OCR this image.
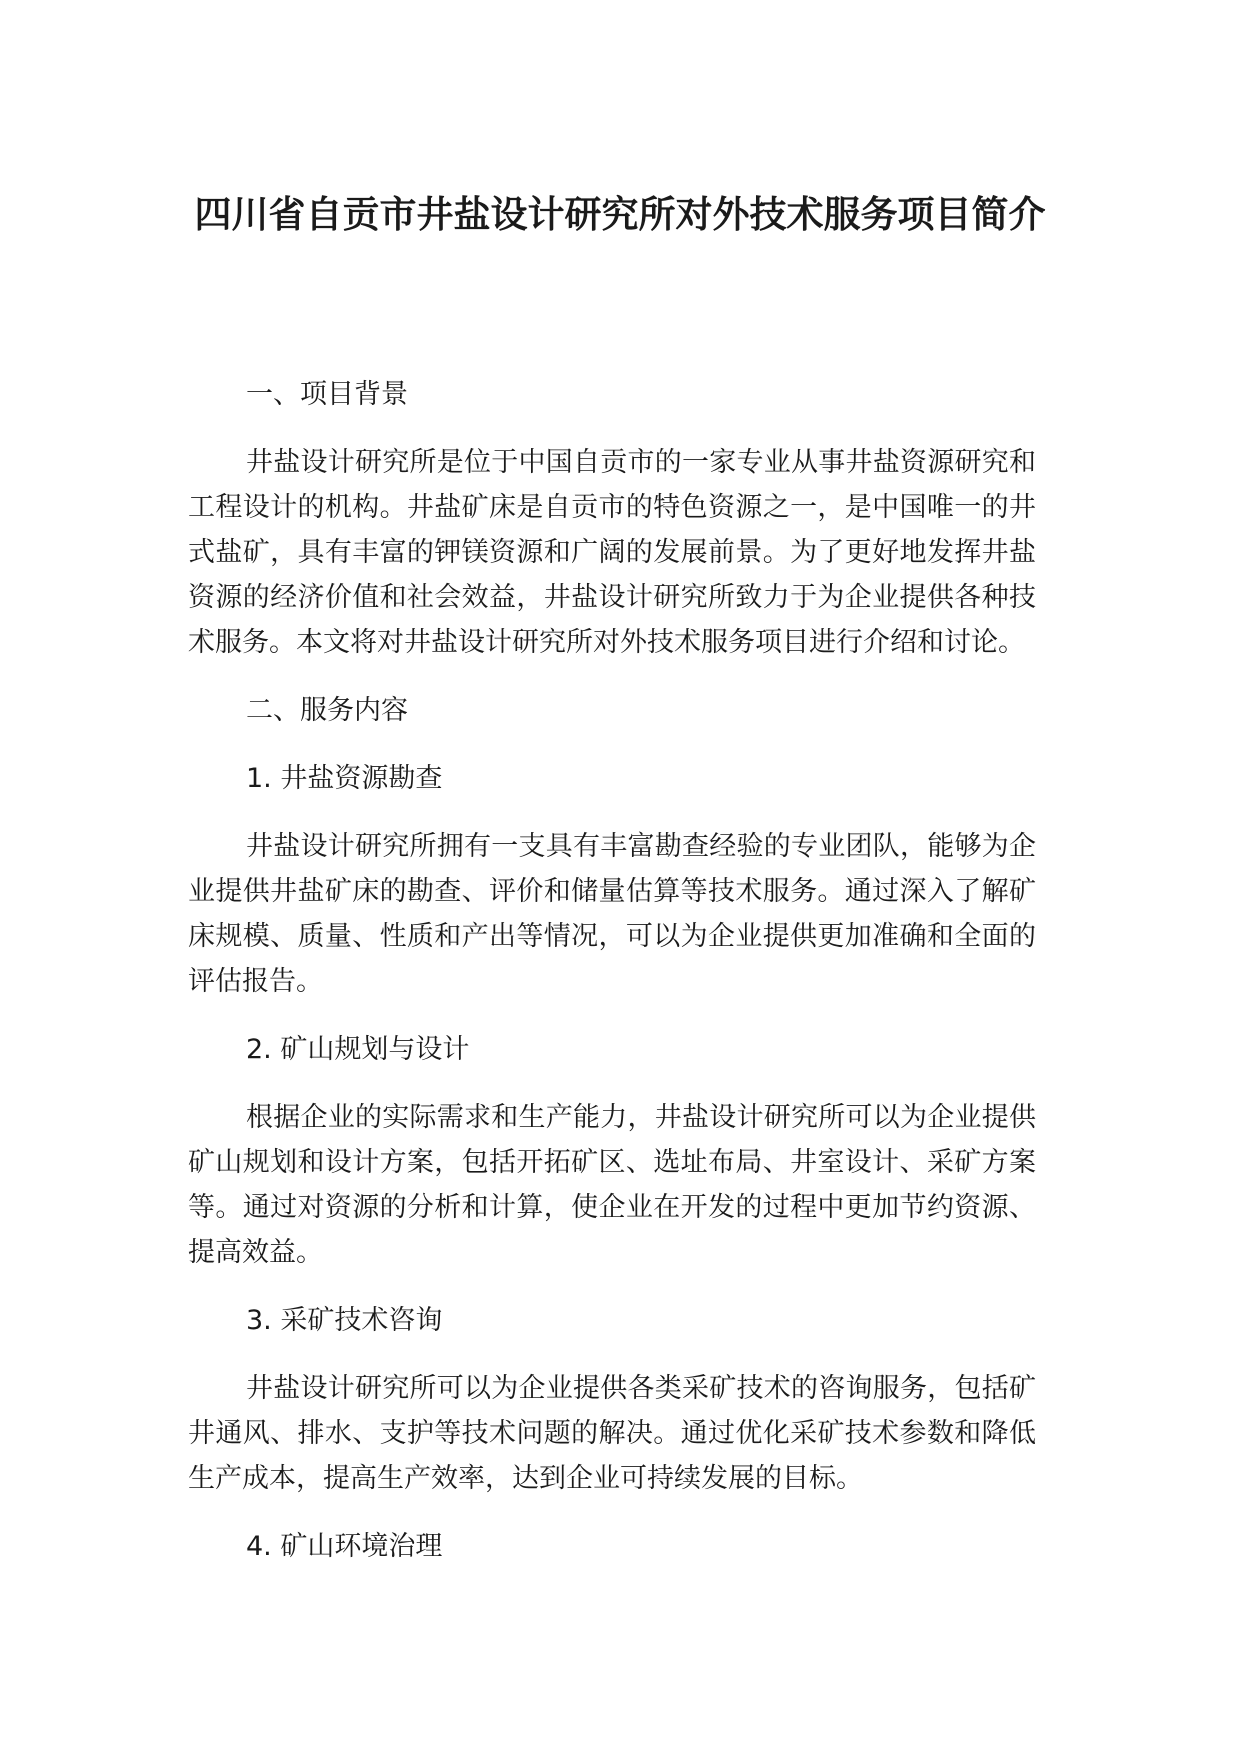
四川省自贡市井盐设计研究所对外技术服务项目简介

一、项目背景

井盐设计研究所是位于中国自贡市的一家专业从事井盐资源研究和工程设计的机构。井盐矿床是自贡市的特色资源之一，是中国唯一的井式盐矿，具有丰富的钾镁资源和广阔的发展前景。为了更好地发挥井盐资源的经济价值和社会效益，井盐设计研究所致力于为企业提供各种技术服务。本文将对井盐设计研究所对外技术服务项目进行介绍和讨论。

二、服务内容

1. 井盐资源勘查

井盐设计研究所拥有一支具有丰富勘查经验的专业团队，能够为企业提供井盐矿床的勘查、评价和储量估算等技术服务。通过深入了解矿床规模、质量、性质和产出等情况，可以为企业提供更加准确和全面的评估报告。

2. 矿山规划与设计

根据企业的实际需求和生产能力，井盐设计研究所可以为企业提供矿山规划和设计方案，包括开拓矿区、选址布局、井室设计、采矿方案等。通过对资源的分析和计算，使企业在开发的过程中更加节约资源、提高效益。

3. 采矿技术咨询

井盐设计研究所可以为企业提供各类采矿技术的咨询服务，包括矿井通风、排水、支护等技术问题的解决。通过优化采矿技术参数和降低生产成本，提高生产效率，达到企业可持续发展的目标。

4. 矿山环境治理
